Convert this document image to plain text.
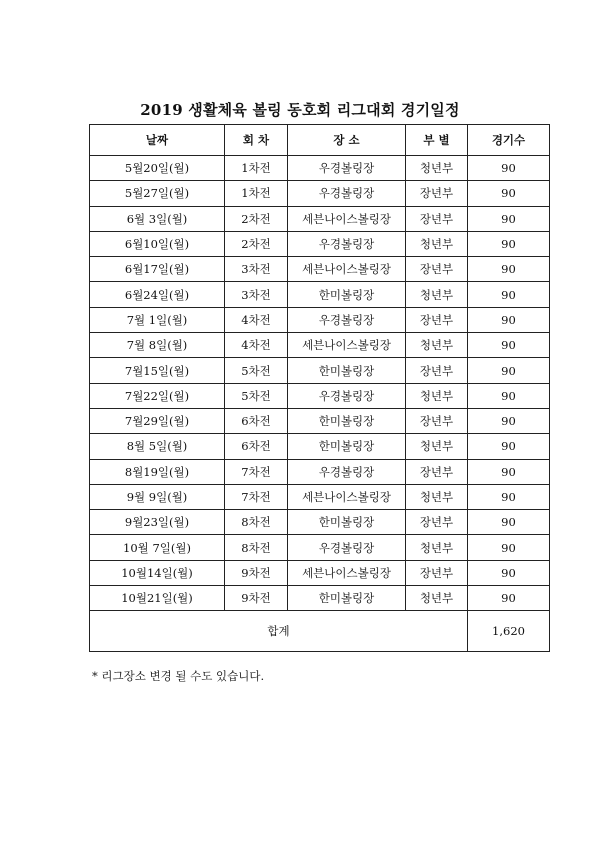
2019 생활체육 볼링 동호회 리그대회 경기일정
날짜	회 차	장 소	부 별	경기수
5월20일(월)	1차전	우경볼링장	청년부	90
5월27일(월)	1차전	우경볼링장	장년부	90
6월 3일(월)	2차전	세븐나이스볼링장	장년부	90
6월10일(월)	2차전	우경볼링장	청년부	90
6월17일(월)	3차전	세븐나이스볼링장	장년부	90
6월24일(월)	3차전	한미볼링장	청년부	90
7월 1일(월)	4차전	우경볼링장	장년부	90
7월 8일(월)	4차전	세븐나이스볼링장	청년부	90
7월15일(월)	5차전	한미볼링장	장년부	90
7월22일(월)	5차전	우경볼링장	청년부	90
7월29일(월)	6차전	한미볼링장	장년부	90
8월 5일(월)	6차전	한미볼링장	청년부	90
8월19일(월)	7차전	우경볼링장	장년부	90
9월 9일(월)	7차전	세븐나이스볼링장	청년부	90
9월23일(월)	8차전	한미볼링장	장년부	90
10월 7일(월)	8차전	우경볼링장	청년부	90
10월14일(월)	9차전	세븐나이스볼링장	장년부	90
10월21일(월)	9차전	한미볼링장	청년부	90
합계				1,620
* 리그장소 변경 될 수도 있습니다.
